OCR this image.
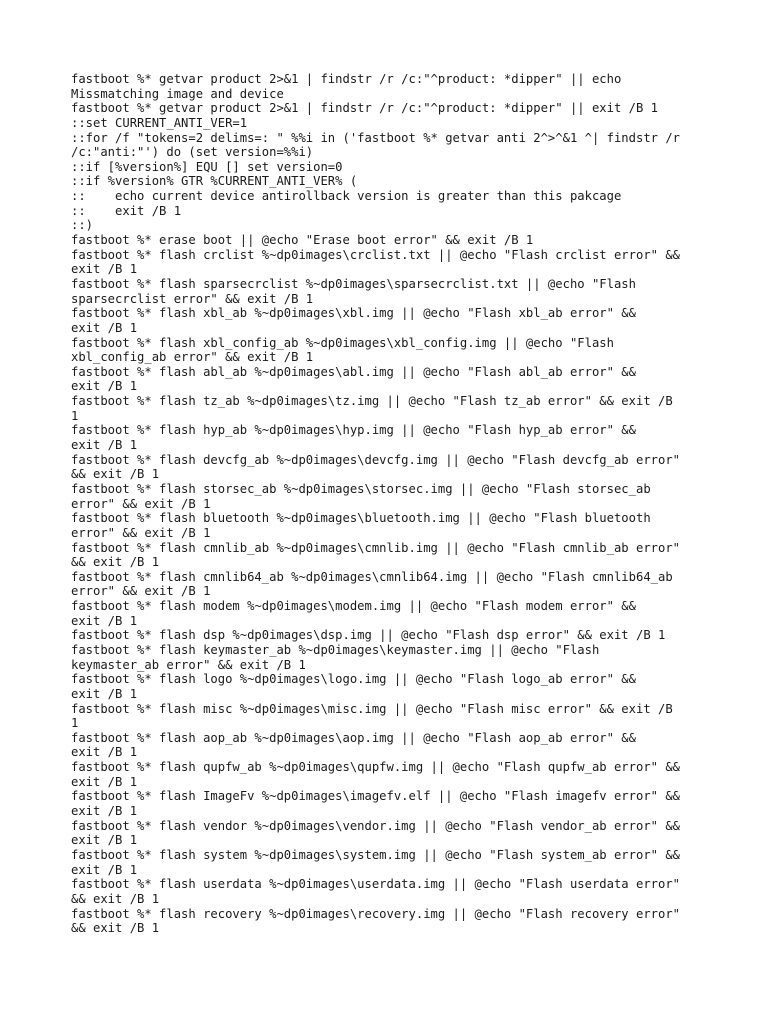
fastboot %* getvar product 2>&1 | findstr /r /c:"^product: *dipper" || echo
Missmatching image and device
fastboot %* getvar product 2>&1 | findstr /r /c:"^product: *dipper" || exit /B 1
::set CURRENT_ANTI_VER=1
::for /f "tokens=2 delims=: " %%i in ('fastboot %* getvar anti 2^>^&1 ^| findstr /r
/c:"anti:"') do (set version=%%i)
::if [%version%] EQU [] set version=0
::if %version% GTR %CURRENT_ANTI_VER% (
::    echo current device antirollback version is greater than this pakcage
::    exit /B 1
::)
fastboot %* erase boot || @echo "Erase boot error" && exit /B 1
fastboot %* flash crclist %~dp0images\crclist.txt || @echo "Flash crclist error" &&
exit /B 1
fastboot %* flash sparsecrclist %~dp0images\sparsecrclist.txt || @echo "Flash
sparsecrclist error" && exit /B 1
fastboot %* flash xbl_ab %~dp0images\xbl.img || @echo "Flash xbl_ab error" &&
exit /B 1
fastboot %* flash xbl_config_ab %~dp0images\xbl_config.img || @echo "Flash
xbl_config_ab error" && exit /B 1
fastboot %* flash abl_ab %~dp0images\abl.img || @echo "Flash abl_ab error" &&
exit /B 1
fastboot %* flash tz_ab %~dp0images\tz.img || @echo "Flash tz_ab error" && exit /B
1
fastboot %* flash hyp_ab %~dp0images\hyp.img || @echo "Flash hyp_ab error" &&
exit /B 1
fastboot %* flash devcfg_ab %~dp0images\devcfg.img || @echo "Flash devcfg_ab error"
&& exit /B 1
fastboot %* flash storsec_ab %~dp0images\storsec.img || @echo "Flash storsec_ab
error" && exit /B 1
fastboot %* flash bluetooth %~dp0images\bluetooth.img || @echo "Flash bluetooth
error" && exit /B 1
fastboot %* flash cmnlib_ab %~dp0images\cmnlib.img || @echo "Flash cmnlib_ab error"
&& exit /B 1
fastboot %* flash cmnlib64_ab %~dp0images\cmnlib64.img || @echo "Flash cmnlib64_ab
error" && exit /B 1
fastboot %* flash modem %~dp0images\modem.img || @echo "Flash modem error" &&
exit /B 1
fastboot %* flash dsp %~dp0images\dsp.img || @echo "Flash dsp error" && exit /B 1
fastboot %* flash keymaster_ab %~dp0images\keymaster.img || @echo "Flash
keymaster_ab error" && exit /B 1
fastboot %* flash logo %~dp0images\logo.img || @echo "Flash logo_ab error" &&
exit /B 1
fastboot %* flash misc %~dp0images\misc.img || @echo "Flash misc error" && exit /B
1
fastboot %* flash aop_ab %~dp0images\aop.img || @echo "Flash aop_ab error" &&
exit /B 1
fastboot %* flash qupfw_ab %~dp0images\qupfw.img || @echo "Flash qupfw_ab error" &&
exit /B 1
fastboot %* flash ImageFv %~dp0images\imagefv.elf || @echo "Flash imagefv error" &&
exit /B 1
fastboot %* flash vendor %~dp0images\vendor.img || @echo "Flash vendor_ab error" &&
exit /B 1
fastboot %* flash system %~dp0images\system.img || @echo "Flash system_ab error" &&
exit /B 1
fastboot %* flash userdata %~dp0images\userdata.img || @echo "Flash userdata error"
&& exit /B 1
fastboot %* flash recovery %~dp0images\recovery.img || @echo "Flash recovery error"
&& exit /B 1
